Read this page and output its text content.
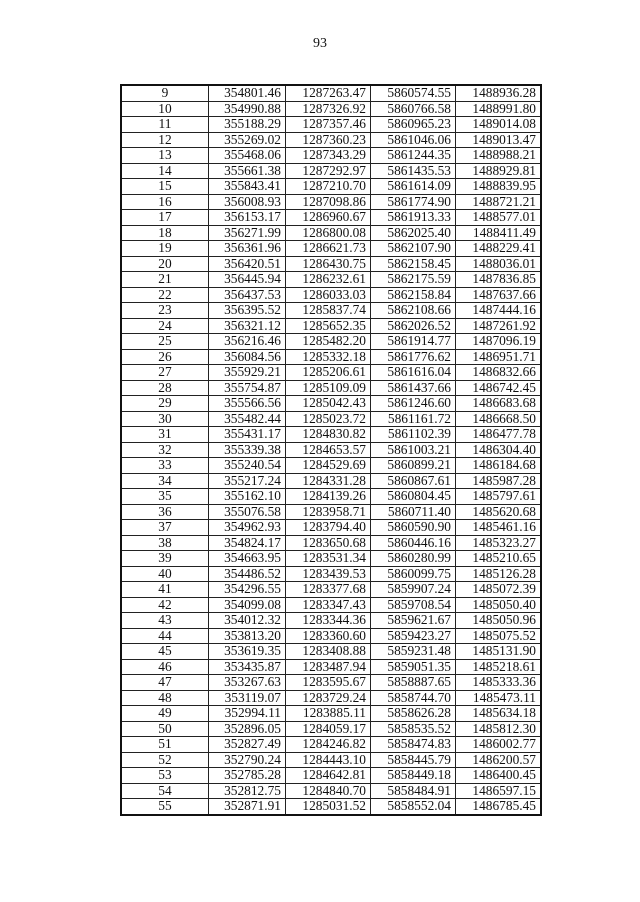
93
9	354801.46	1287263.47	5860574.55	1488936.28
10	354990.88	1287326.92	5860766.58	1488991.80
11	355188.29	1287357.46	5860965.23	1489014.08
12	355269.02	1287360.23	5861046.06	1489013.47
13	355468.06	1287343.29	5861244.35	1488988.21
14	355661.38	1287292.97	5861435.53	1488929.81
15	355843.41	1287210.70	5861614.09	1488839.95
16	356008.93	1287098.86	5861774.90	1488721.21
17	356153.17	1286960.67	5861913.33	1488577.01
18	356271.99	1286800.08	5862025.40	1488411.49
19	356361.96	1286621.73	5862107.90	1488229.41
20	356420.51	1286430.75	5862158.45	1488036.01
21	356445.94	1286232.61	5862175.59	1487836.85
22	356437.53	1286033.03	5862158.84	1487637.66
23	356395.52	1285837.74	5862108.66	1487444.16
24	356321.12	1285652.35	5862026.52	1487261.92
25	356216.46	1285482.20	5861914.77	1487096.19
26	356084.56	1285332.18	5861776.62	1486951.71
27	355929.21	1285206.61	5861616.04	1486832.66
28	355754.87	1285109.09	5861437.66	1486742.45
29	355566.56	1285042.43	5861246.60	1486683.68
30	355482.44	1285023.72	5861161.72	1486668.50
31	355431.17	1284830.82	5861102.39	1486477.78
32	355339.38	1284653.57	5861003.21	1486304.40
33	355240.54	1284529.69	5860899.21	1486184.68
34	355217.24	1284331.28	5860867.61	1485987.28
35	355162.10	1284139.26	5860804.45	1485797.61
36	355076.58	1283958.71	5860711.40	1485620.68
37	354962.93	1283794.40	5860590.90	1485461.16
38	354824.17	1283650.68	5860446.16	1485323.27
39	354663.95	1283531.34	5860280.99	1485210.65
40	354486.52	1283439.53	5860099.75	1485126.28
41	354296.55	1283377.68	5859907.24	1485072.39
42	354099.08	1283347.43	5859708.54	1485050.40
43	354012.32	1283344.36	5859621.67	1485050.96
44	353813.20	1283360.60	5859423.27	1485075.52
45	353619.35	1283408.88	5859231.48	1485131.90
46	353435.87	1283487.94	5859051.35	1485218.61
47	353267.63	1283595.67	5858887.65	1485333.36
48	353119.07	1283729.24	5858744.70	1485473.11
49	352994.11	1283885.11	5858626.28	1485634.18
50	352896.05	1284059.17	5858535.52	1485812.30
51	352827.49	1284246.82	5858474.83	1486002.77
52	352790.24	1284443.10	5858445.79	1486200.57
53	352785.28	1284642.81	5858449.18	1486400.45
54	352812.75	1284840.70	5858484.91	1486597.15
55	352871.91	1285031.52	5858552.04	1486785.45
